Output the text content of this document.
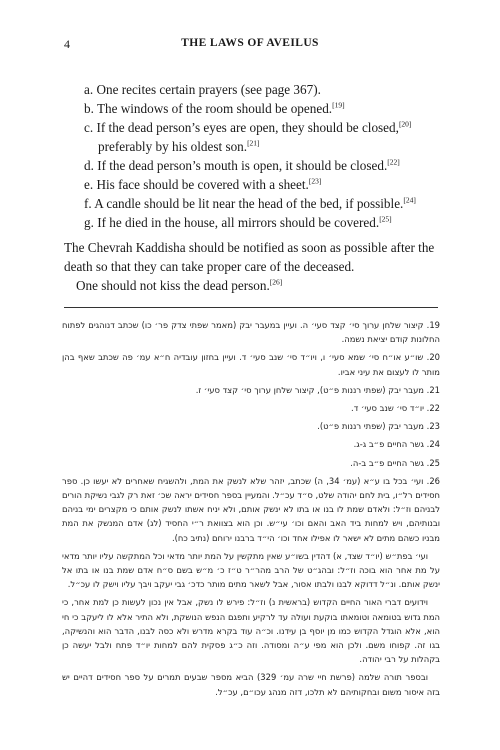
4	THE LAWS OF AVEILUS
a. One recites certain prayers (see page 367).
b. The windows of the room should be opened.[19]
c. If the dead person’s eyes are open, they should be closed,[20] preferably by his oldest son.[21]
d. If the dead person’s mouth is open, it should be closed.[22]
e. His face should be covered with a sheet.[23]
f. A candle should be lit near the head of the bed, if possible.[24]
g. If he died in the house, all mirrors should be covered.[25]

The Chevrah Kaddisha should be notified as soon as possible after the death so that they can take proper care of the deceased.

One should not kiss the dead person.[26]

19. קיצור שלחן ערוך סי׳ קצד סעי׳ ה. ועיין במעבר יבק (מאמר שפתי צדק פר׳ כו) שכתב דנוהגים לפתוח החלונות קודם יציאת נשמה.

20. שו״ע או״ח סי׳ שמא סעי׳ ו, ויו״ד סי׳ שנב סעי׳ ד. ועיין בחזון עובדיה ח״א עמ׳ פה שכתב שאף בהן מותר לו לעצום את עיני אביו.

21. מעבר יבק (שפתי רננות פ״ט), קיצור שלחן ערוך סי׳ קצד סעי׳ ז.

22. יו״ד סי׳ שנב סעי׳ ד.

23. מעבר יבק (שפתי רננות פ״ט).

24. גשר החיים פ״ב ג-ג.

25. גשר החיים פ״ב ב-ה.

26. ועי׳ בכל בו ע״א (עמ׳ 34, ה) שכתב, יזהר שלא לנשק את המת, ולהשגיח שאחרים לא יעשו כן. ספר חסידים רל״ו, בית לחם יהודה שלט, ס״ד עכ״ל. והמעיין בספר חסידים יראה שכ׳ זאת רק לגבי נשיקת הורים לבניהם וז״ל: ולאדם שמת לו בנו או בתו לא ינשק אותם, ולא יניח אשתו לנשק אותם כי מקצרים ימי בניהם ובנותיהם, ויש למחות ביד האב והאם וכו׳ עי״ש. וכן הוא בצוואת ר״י החסיד (לג) אדם המנשק את המת מבניו כשהם מתים לא ישאר לו אפילו אחד וכו׳ הי״ד ברבנו ירוחם (נתיב כח).

ועי׳ בפת״ש (יו״ד שצד, א) דהדין בשו״ע שאין מתקשין על המת יותר מדאי וכל המתקשה עליו יותר מדאי על מת אחר הוא בוכה וז״ל: ובהג״ט של הרב מהר״ר ט״ז כ׳ מ״ש בשם ס״ח אדם שמת בנו או בתו אל ינשק אותם. ונ״ל דדוקא לבנו ולבתו אסור, אבל לשאר מתים מותר כדכ׳ גבי יעקב ויבך עליו וישק לו עכ״ל.

וידועים דברי האור החיים הקדוש (בראשית נ) וז״ל: פירש לו נשק, אבל אין נכון לעשות כן למת אחר, כי המת גדוש בטומאה וטומאתו בוקעת ועולה עד לרקיע ותפגם הנפש הנושקת, ולא התיר אלא לו ליעקב כי חי הוא, אלא הוגדל הקדוש כמו מן יוסף בן עידנו. וכ״ה עוד בקרא מדרש ולא כסה לבנו, הדבר הוא והנשיקה, בגו זה. קפוחו משם. ולכן הוא מפי ע״ה ומסודה. וזה כ״ג פסקית להם למחות יו״ד פתח ולבל יעשה כן בקהלות על רבי יהודה.

ובספר תורה שלמה (פרשת חיי שרה עמ׳ 329) הביא מספר שבעים תמרים על ספר חסידים דהיים יש בזה איסור משום ובחקותיהם לא תלכו, דזה מנהג עכו״ם, עכ״ל.
